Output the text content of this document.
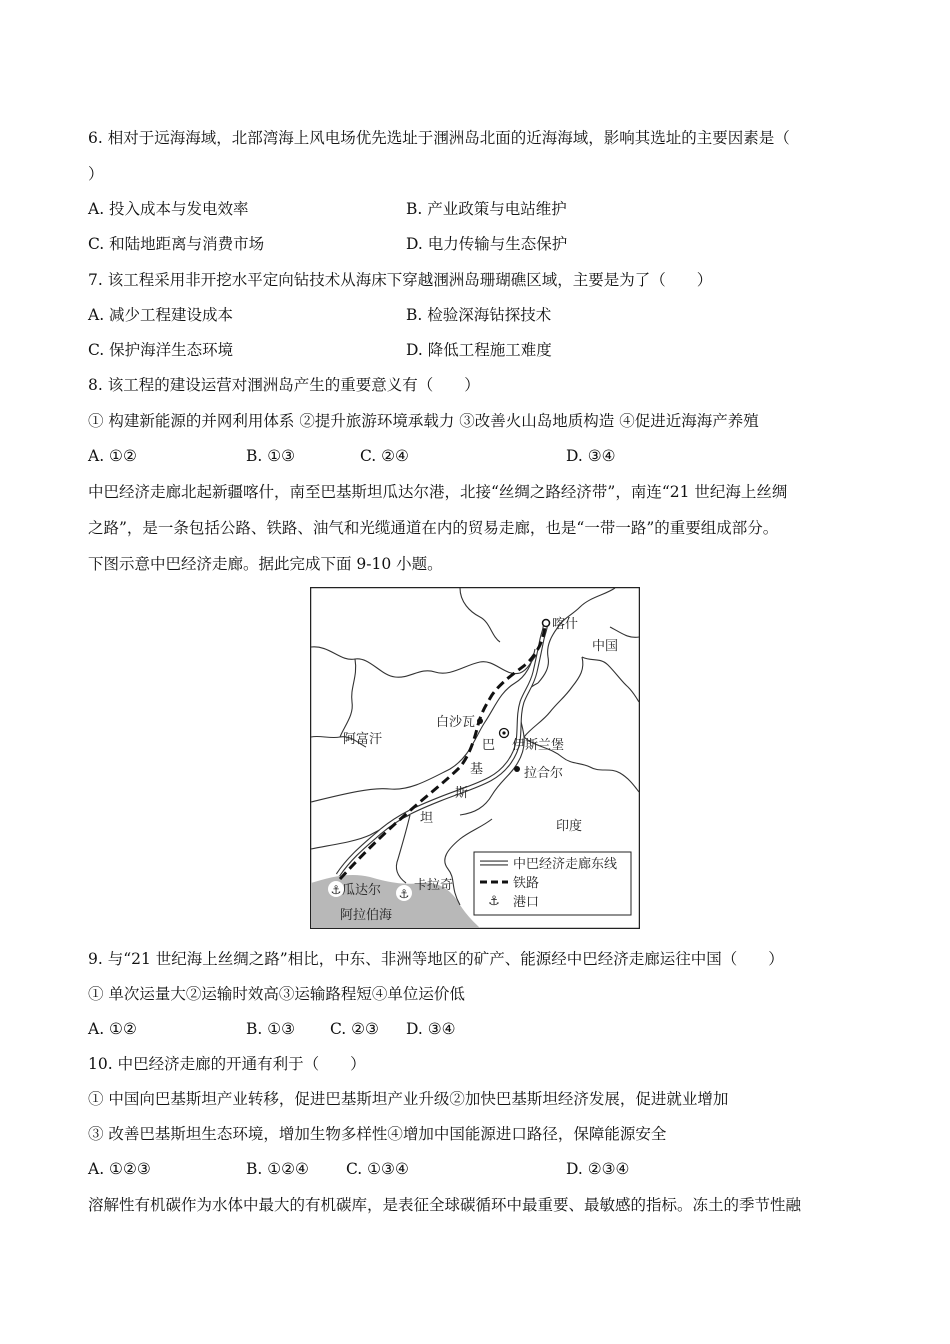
6. 相对于远海海域，北部湾海上风电场优先选址于涠洲岛北面的近海海域，影响其选址的主要因素是（
）
A. 投入成本与发电效率	B. 产业政策与电站维护
C. 和陆地距离与消费市场	D. 电力传输与生态保护
7. 该工程采用非开挖水平定向钻技术从海床下穿越涠洲岛珊瑚礁区域，主要是为了（　　）
A. 减少工程建设成本	B. 检验深海钻探技术
C. 保护海洋生态环境	D. 降低工程施工难度
8. 该工程的建设运营对涠洲岛产生的重要意义有（　　）
① 构建新能源的并网利用体系 ②提升旅游环境承载力 ③改善火山岛地质构造 ④促进近海海产养殖
A. ①②	B. ①③	C. ②④	D. ③④
中巴经济走廊北起新疆喀什，南至巴基斯坦瓜达尔港，北接“丝绸之路经济带”，南连“21 世纪海上丝绸
之路”，是一条包括公路、铁路、油气和光缆通道在内的贸易走廊，也是“一带一路”的重要组成部分。
下图示意中巴经济走廊。据此完成下面 9-10 小题。
⚓	⚓
喀什
中国
阿富汗
白沙瓦
伊斯兰堡
拉合尔
巴
基
斯
坦
印度
瓜达尔	卡拉奇
阿拉伯海
⚓
中巴经济走廊东线
铁路
港口
9. 与“21 世纪海上丝绸之路”相比，中东、非洲等地区的矿产、能源经中巴经济走廊运往中国（　　）
① 单次运量大②运输时效高③运输路程短④单位运价低
A. ①②	B. ①③ C. ②③ D. ③④
10. 中巴经济走廊的开通有利于（　　）
① 中国向巴基斯坦产业转移，促进巴基斯坦产业升级②加快巴基斯坦经济发展，促进就业增加
③ 改善巴基斯坦生态环境，增加生物多样性④增加中国能源进口路径，保障能源安全
A. ①②③	B. ①②④ C. ①③④	D. ②③④
溶解性有机碳作为水体中最大的有机碳库，是表征全球碳循环中最重要、最敏感的指标。冻土的季节性融
